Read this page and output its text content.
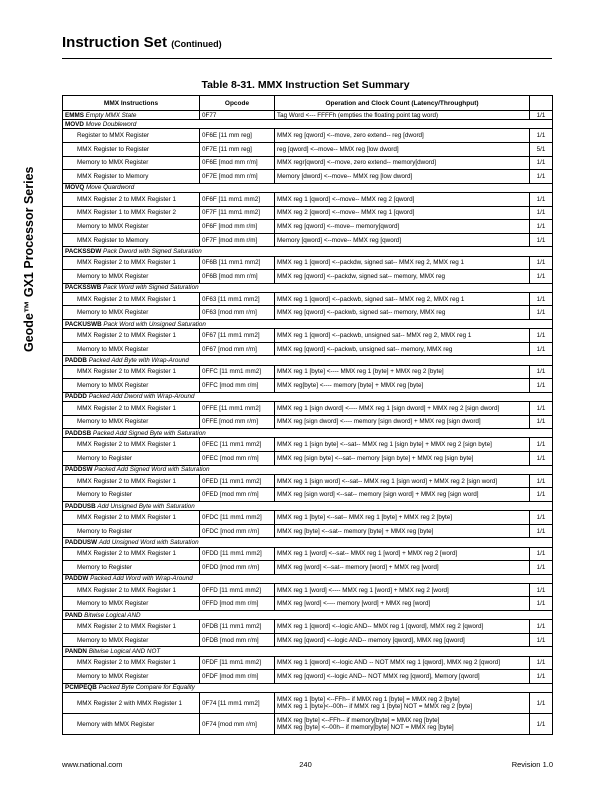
Geode™ GX1 Processor Series
Instruction Set (Continued)
Table 8-31. MMX Instruction Set Summary
MMX Instructions	Opcode	Operation and Clock Count (Latency/Throughput)	
EMMS Empty MMX State	0F77	Tag Word <--- FFFFh (empties the floating point tag word)	1/1
MOVD Move Doubleword			
Register to MMX Register	0F6E [11 mm reg]	MMX reg [qword] <--move, zero extend-- reg [dword]	1/1
MMX Register to Register	0F7E [11 mm reg]	reg [qword] <--move-- MMX reg [low dword]	5/1
Memory to MMX Register	0F6E [mod mm r/m]	MMX regr[qword] <--move, zero extend-- memory[dword]	1/1
MMX Register to Memory	0F7E [mod mm r/m]	Memory [dword] <--move-- MMX reg [low dword]	1/1
MOVQ Move Quardword			
MMX Register 2 to MMX Register 1	0F6F [11 mm1 mm2]	MMX reg 1 [qword] <--move-- MMX reg 2 [qword]	1/1
MMX Register 1 to MMX Register 2	0F7F [11 mm1 mm2]	MMX reg 2 [qword] <--move-- MMX reg 1 [qword]	1/1
Memory to MMX Register	0F6F [mod mm r/m]	MMX reg [qword] <--move-- memory[qword]	1/1
MMX Register to Memory	0F7F [mod mm r/m]	Memory [qword] <--move-- MMX reg [qword]	1/1
PACKSSDW Pack Dword with Signed Saturation			
MMX Register 2 to MMX Register 1	0F6B [11 mm1 mm2]	MMX reg 1 [qword] <--packdw, signed sat-- MMX reg 2, MMX reg 1	1/1
Memory to MMX Register	0F6B [mod mm r/m]	MMX reg [qword] <--packdw, signed sat-- memory, MMX reg	1/1
PACKSSWB Pack Word with Signed Saturation			
MMX Register 2 to MMX Register 1	0F63 [11 mm1 mm2]	MMX reg 1 [qword] <--packwb, signed sat-- MMX reg 2, MMX reg 1	1/1
Memory to MMX Register	0F63 [mod mm r/m]	MMX reg [qword] <--packwb, signed sat-- memory, MMX reg	1/1
PACKUSWB Pack Word with Unsigned Saturation			
MMX Register 2 to MMX Register 1	0F67 [11 mm1 mm2]	MMX reg 1 [qword] <--packwb, unsigned sat-- MMX reg 2, MMX reg 1	1/1
Memory to MMX Register	0F67 [mod mm r/m]	MMX reg [qword] <--packwb, unsigned sat-- memory, MMX reg	1/1
PADDB Packed Add Byte with Wrap-Around			
MMX Register 2 to MMX Register 1	0FFC [11 mm1 mm2]	MMX reg 1 [byte] <---- MMX reg 1 [byte] + MMX reg 2 [byte]	1/1
Memory to MMX Register	0FFC [mod mm r/m]	MMX reg[byte] <---- memory [byte] + MMX reg [byte]	1/1
PADDD Packed Add Dword with Wrap-Around			
MMX Register 2 to MMX Register 1	0FFE [11 mm1 mm2]	MMX reg 1 [sign dword] <---- MMX reg 1 [sign dword] + MMX reg 2 [sign dword]	1/1
Memory to MMX Register	0FFE [mod mm r/m]	MMX reg [sign dword] <---- memory [sign dword] + MMX reg [sign dword]	1/1
PADDSB Packed Add Signed Byte with Saturation			
MMX Register 2 to MMX Register 1	0FEC [11 mm1 mm2]	MMX reg 1 [sign byte] <--sat-- MMX reg 1 [sign byte] + MMX reg 2 [sign byte]	1/1
Memory to Register	0FEC [mod mm r/m]	MMX reg [sign byte] <--sat-- memory [sign byte] + MMX reg [sign byte]	1/1
PADDSW Packed Add Signed Word with Saturation			
MMX Register 2 to MMX Register 1	0FED [11 mm1 mm2]	MMX reg 1 [sign word] <--sat-- MMX reg 1 [sign word] + MMX reg 2 [sign word]	1/1
Memory to Register	0FED [mod mm r/m]	MMX reg [sign word] <--sat-- memory [sign word] + MMX reg [sign word]	1/1
PADDUSB Add Unsigned Byte with Saturation			
MMX Register 2 to MMX Register 1	0FDC [11 mm1 mm2]	MMX reg 1 [byte] <--sat-- MMX reg 1 [byte] + MMX reg 2 [byte]	1/1
Memory to Register	0FDC [mod mm r/m]	MMX reg [byte] <--sat-- memory [byte] + MMX reg [byte]	1/1
PADDUSW Add Unsigned Word with Saturation			
MMX Register 2 to MMX Register 1	0FDD [11 mm1 mm2]	MMX reg 1 [word] <--sat-- MMX reg 1 [word] + MMX reg 2 [word]	1/1
Memory to Register	0FDD [mod mm r/m]	MMX reg [word] <--sat-- memory [word] + MMX reg [word]	1/1
PADDW Packed Add Word with Wrap-Around			
MMX Register 2 to MMX Register 1	0FFD [11 mm1 mm2]	MMX reg 1 [word] <---- MMX reg 1 [word] + MMX reg 2 [word]	1/1
Memory to MMX Register	0FFD [mod mm r/m]	MMX reg [word] <---- memory [word] + MMX reg [word]	1/1
PAND Bitwise Logical AND			
MMX Register 2 to MMX Register 1	0FDB [11 mm1 mm2]	MMX reg 1 [qword] <--logic AND-- MMX reg 1 [qword], MMX reg 2 [qword]	1/1
Memory to MMX Register	0FDB [mod mm r/m]	MMX reg [qword] <--logic AND-- memory [qword], MMX reg [qword]	1/1
PANDN Bitwise Logical AND NOT			
MMX Register 2 to MMX Register 1	0FDF [11 mm1 mm2]	MMX reg 1 [qword] <--logic AND -- NOT MMX reg 1 [qword], MMX reg 2 [qword]	1/1
Memory to MMX Register	0FDF [mod mm r/m]	MMX reg [qword] <--logic AND-- NOT MMX reg [qword], Memory [qword]	1/1
PCMPEQB Packed Byte Compare for Equality			
MMX Register 2 with MMX Register 1	0F74 [11 mm1 mm2]	MMX reg 1 [byte] <--FFh-- if MMX reg 1 [byte] = MMX reg 2 [byte]
MMX reg 1 [byte]<--00h-- if MMX reg 1 [byte] NOT = MMX reg 2 [byte]	1/1
Memory with MMX Register	0F74 [mod mm r/m]	MMX reg [byte] <--FFh-- if memory[byte] = MMX reg [byte]
MMX reg [byte] <--00h-- if memory[byte] NOT = MMX reg [byte]	1/1
www.national.com	240	Revision 1.0
